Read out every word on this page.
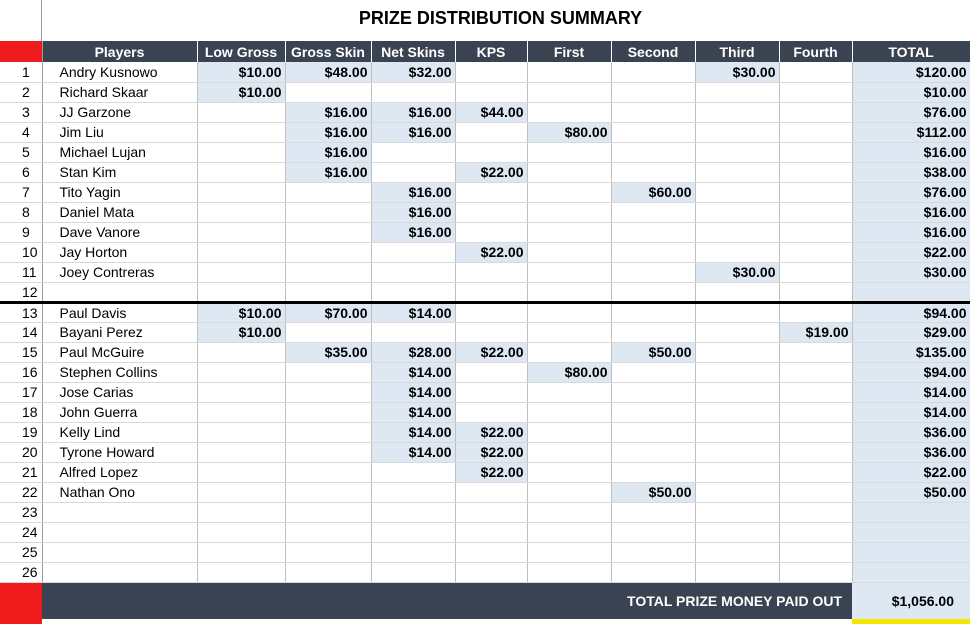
PRIZE DISTRIBUTION SUMMARY
	Players	Low Gross	Gross Skin	Net Skins	KPS	First	Second	Third	Fourth	TOTAL
1	Andry Kusnowo	$10.00	$48.00	$32.00				$30.00		$120.00
2	Richard Skaar	$10.00								$10.00
3	JJ Garzone		$16.00	$16.00	$44.00					$76.00
4	Jim Liu		$16.00	$16.00		$80.00				$112.00
5	Michael Lujan		$16.00							$16.00
6	Stan Kim		$16.00		$22.00					$38.00
7	Tito Yagin			$16.00			$60.00			$76.00
8	Daniel Mata			$16.00						$16.00
9	Dave Vanore			$16.00						$16.00
10	Jay Horton				$22.00					$22.00
11	Joey Contreras							$30.00		$30.00
12										
13	Paul Davis	$10.00	$70.00	$14.00						$94.00
14	Bayani Perez	$10.00							$19.00	$29.00
15	Paul McGuire		$35.00	$28.00	$22.00		$50.00			$135.00
16	Stephen Collins			$14.00		$80.00				$94.00
17	Jose Carias			$14.00						$14.00
18	John Guerra			$14.00						$14.00
19	Kelly Lind			$14.00	$22.00					$36.00
20	Tyrone Howard			$14.00	$22.00					$36.00
21	Alfred Lopez				$22.00					$22.00
22	Nathan Ono						$50.00			$50.00
23										
24										
25										
26										
TOTAL PRIZE MONEY PAID OUT	$1,056.00
